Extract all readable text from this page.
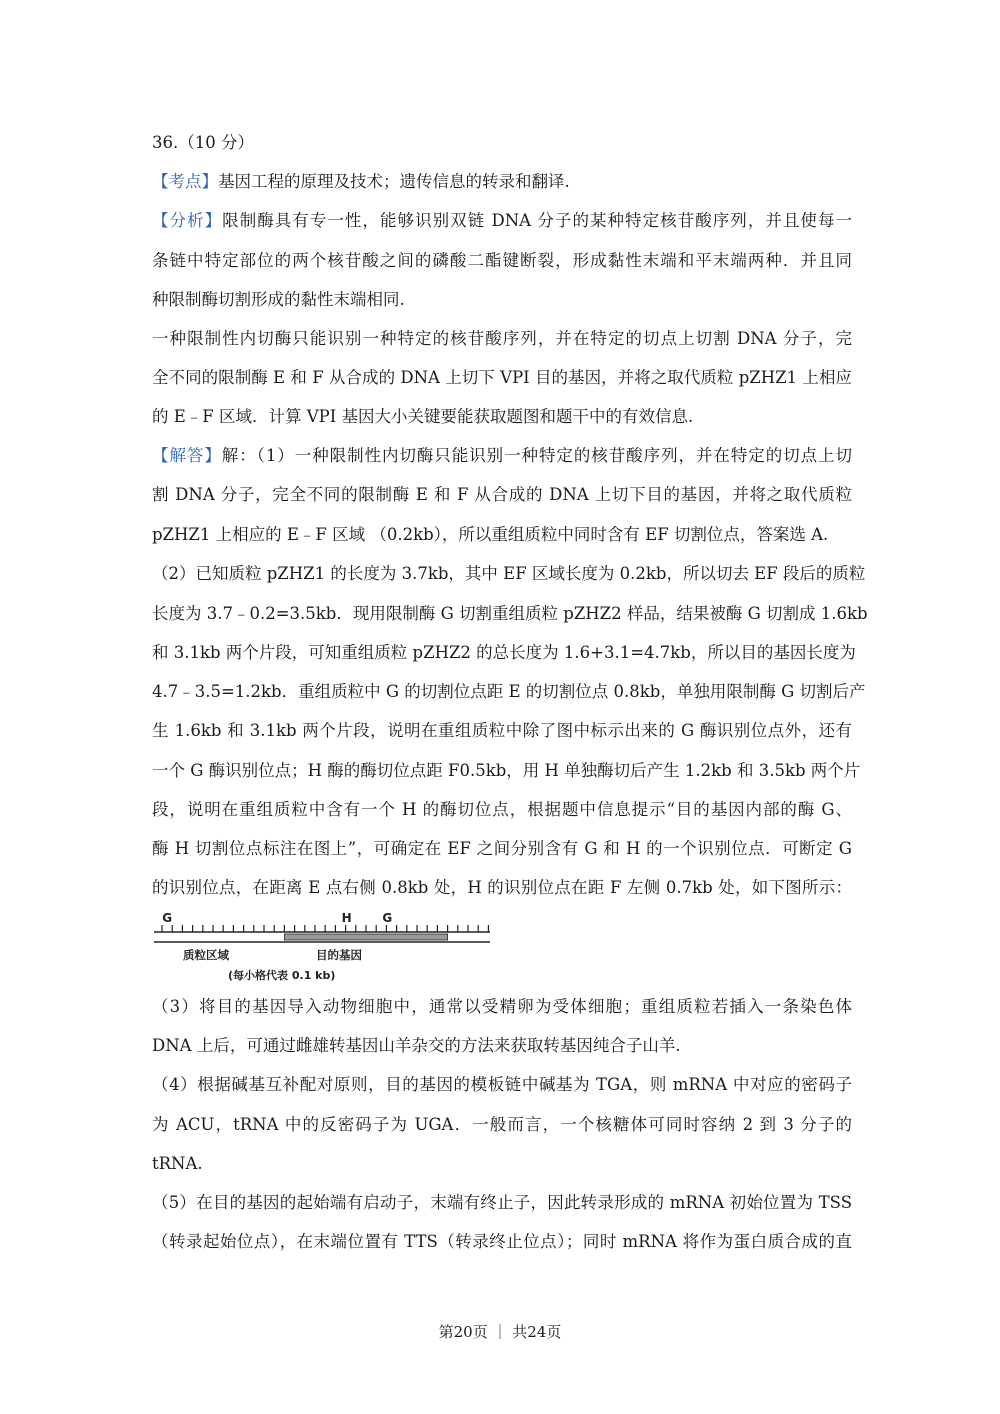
36.（10 分）
【考点】基因工程的原理及技术；遗传信息的转录和翻译.
【分析】限制酶具有专一性，能够识别双链 DNA 分子的某种特定核苷酸序列，并且使每一
条链中特定部位的两个核苷酸之间的磷酸二酯键断裂，形成黏性末端和平末端两种．并且同
种限制酶切割形成的黏性末端相同.
一种限制性内切酶只能识别一种特定的核苷酸序列，并在特定的切点上切割 DNA 分子，完
全不同的限制酶 E 和 F 从合成的 DNA 上切下 VPI 目的基因，并将之取代质粒 pZHZ1 上相应
的 E﹣F 区域．计算 VPI 基因大小关键要能获取题图和题干中的有效信息.
【解答】解：（1）一种限制性内切酶只能识别一种特定的核苷酸序列，并在特定的切点上切
割 DNA 分子，完全不同的限制酶 E 和 F 从合成的 DNA 上切下目的基因，并将之取代质粒
pZHZ1 上相应的 E﹣F 区域 （0.2kb），所以重组质粒中同时含有 EF 切割位点，答案选 A.
（2）已知质粒 pZHZ1 的长度为 3.7kb，其中 EF 区域长度为 0.2kb，所以切去 EF 段后的质粒
长度为 3.7﹣0.2=3.5kb．现用限制酶 G 切割重组质粒 pZHZ2 样品，结果被酶 G 切割成 1.6kb
和 3.1kb 两个片段，可知重组质粒 pZHZ2 的总长度为 1.6+3.1=4.7kb，所以目的基因长度为
4.7﹣3.5=1.2kb．重组质粒中 G 的切割位点距 E 的切割位点 0.8kb，单独用限制酶 G 切割后产
生 1.6kb 和 3.1kb 两个片段，说明在重组质粒中除了图中标示出来的 G 酶识别位点外，还有
一个 G 酶识别位点；H 酶的酶切位点距 F0.5kb，用 H 单独酶切后产生 1.2kb 和 3.5kb 两个片
段，说明在重组质粒中含有一个 H 的酶切位点，根据题中信息提示“目的基因内部的酶 G、
酶 H 切割位点标注在图上”，可确定在 EF 之间分别含有 G 和 H 的一个识别位点．可断定 G
的识别位点，在距离 E 点右侧 0.8kb 处，H 的识别位点在距 F 左侧 0.7kb 处，如下图所示：
（3）将目的基因导入动物细胞中，通常以受精卵为受体细胞；重组质粒若插入一条染色体
DNA 上后，可通过雌雄转基因山羊杂交的方法来获取转基因纯合子山羊.
（4）根据碱基互补配对原则，目的基因的模板链中碱基为 TGA，则 mRNA 中对应的密码子
为 ACU，tRNA 中的反密码子为 UGA．一般而言，一个核糖体可同时容纳 2 到 3 分子的
tRNA.
（5）在目的基因的起始端有启动子，末端有终止子，因此转录形成的 mRNA 初始位置为 TSS
（转录起始位点），在末端位置有 TTS（转录终止位点）；同时 mRNA 将作为蛋白质合成的直
G	H	G
质粒区域	目的基因
(每小格代表 0.1 kb)
第20页 ｜ 共24页
